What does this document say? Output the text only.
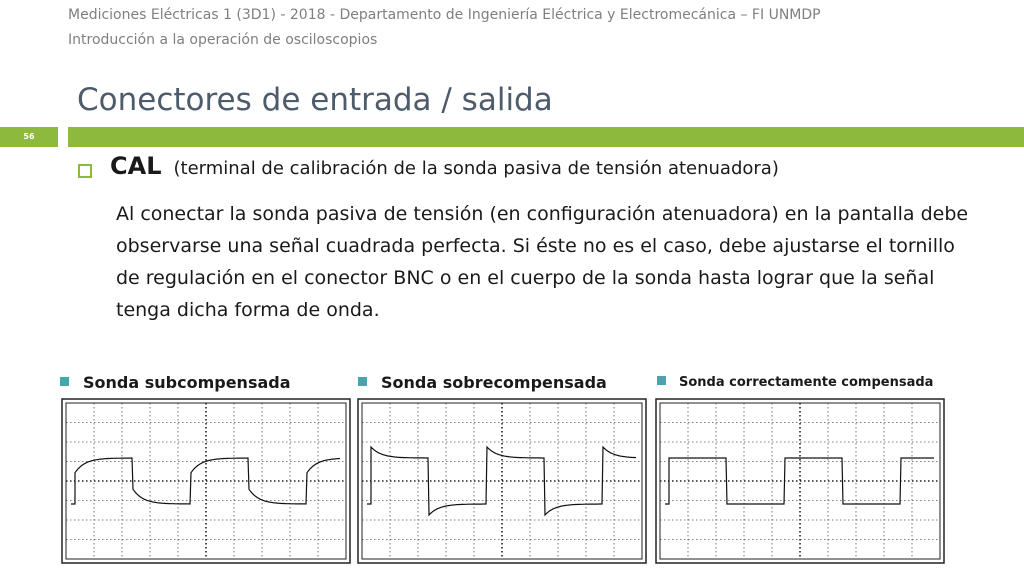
Mediciones Eléctricas 1 (3D1) - 2018 - Departamento de Ingeniería Eléctrica y Electromecánica – FI UNMDP
Introducción a la operación de osciloscopios
Conectores de entrada / salida
56
CAL (terminal de calibración de la sonda pasiva de tensión atenuadora)
Al conectar la sonda pasiva de tensión (en configuración atenuadora) en la pantalla debe observarse una señal cuadrada perfecta. Si éste no es el caso, debe ajustarse el tornillo de regulación en el conector BNC o en el cuerpo de la sonda hasta lograr que la señal tenga dicha forma de onda.
Sonda subcompensada	Sonda sobrecompensada	Sonda correctamente compensada
